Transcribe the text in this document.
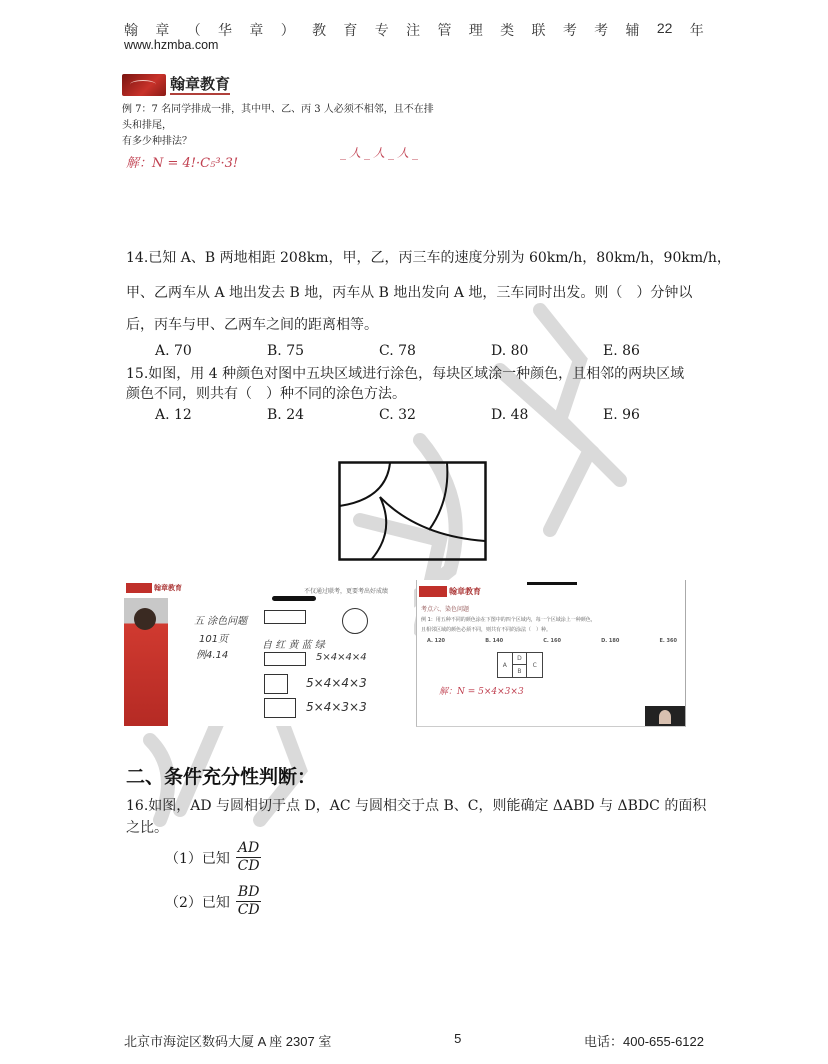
翰 章 （ 华 章 ） 教 育 专 注 管 理 类 联 考 考 辅 22 年
www.hzmba.com
翰章教育
例 7：7 名同学排成一排，其中甲、乙、丙 3 人必须不相邻，且不在排头和排尾，
有多少种排法？
解：N = 4!·C₅³·3!
_人_人_人_
14.已知 A、B 两地相距 208km，甲，乙，丙三车的速度分别为 60km/h，80km/h，90km/h，
甲、乙两车从 A 地出发去 B 地，丙车从 B 地出发向 A 地，三车同时出发。则（　）分钟以
后，丙车与甲、乙两车之间的距离相等。
A. 70	B. 75	C. 78	D. 80	E. 86
15.如图，用 4 种颜色对图中五块区域进行涂色，每块区域涂一种颜色，且相邻的两块区域
颜色不同，则共有（　）种不同的涂色方法。
A. 12	B. 24	C. 32	D. 48	E. 96
翰章教育	不仅通过联考，更要考出好成绩
五 涂色问题
101页
例4.14
自 红 黄 蓝 绿
5×4×4×4
5×4×4×3
5×4×3×3
翰章教育
考点六、染色问题
例 1：用五种不同的颜色涂在下图中的四个区域内，每一个区域涂上一种颜色，
且相邻区域的颜色必须不同，则共有不同的涂法（　）种。
A. 120	B. 140	C. 160	D. 180	E. 360
A
D
C
B
解：N = 5×4×3×3
二、条件充分性判断：
16.如图，AD 与圆相切于点 D，AC 与圆相交于点 B、C，则能确定 ΔABD 与 ΔBDC 的面积
之比。
（1）已知 $\frac{AD}{CD}$
（2）已知 $\frac{BD}{CD}$
北京市海淀区数码大厦 A 座 2307 室	5	电话：400-655-6122
